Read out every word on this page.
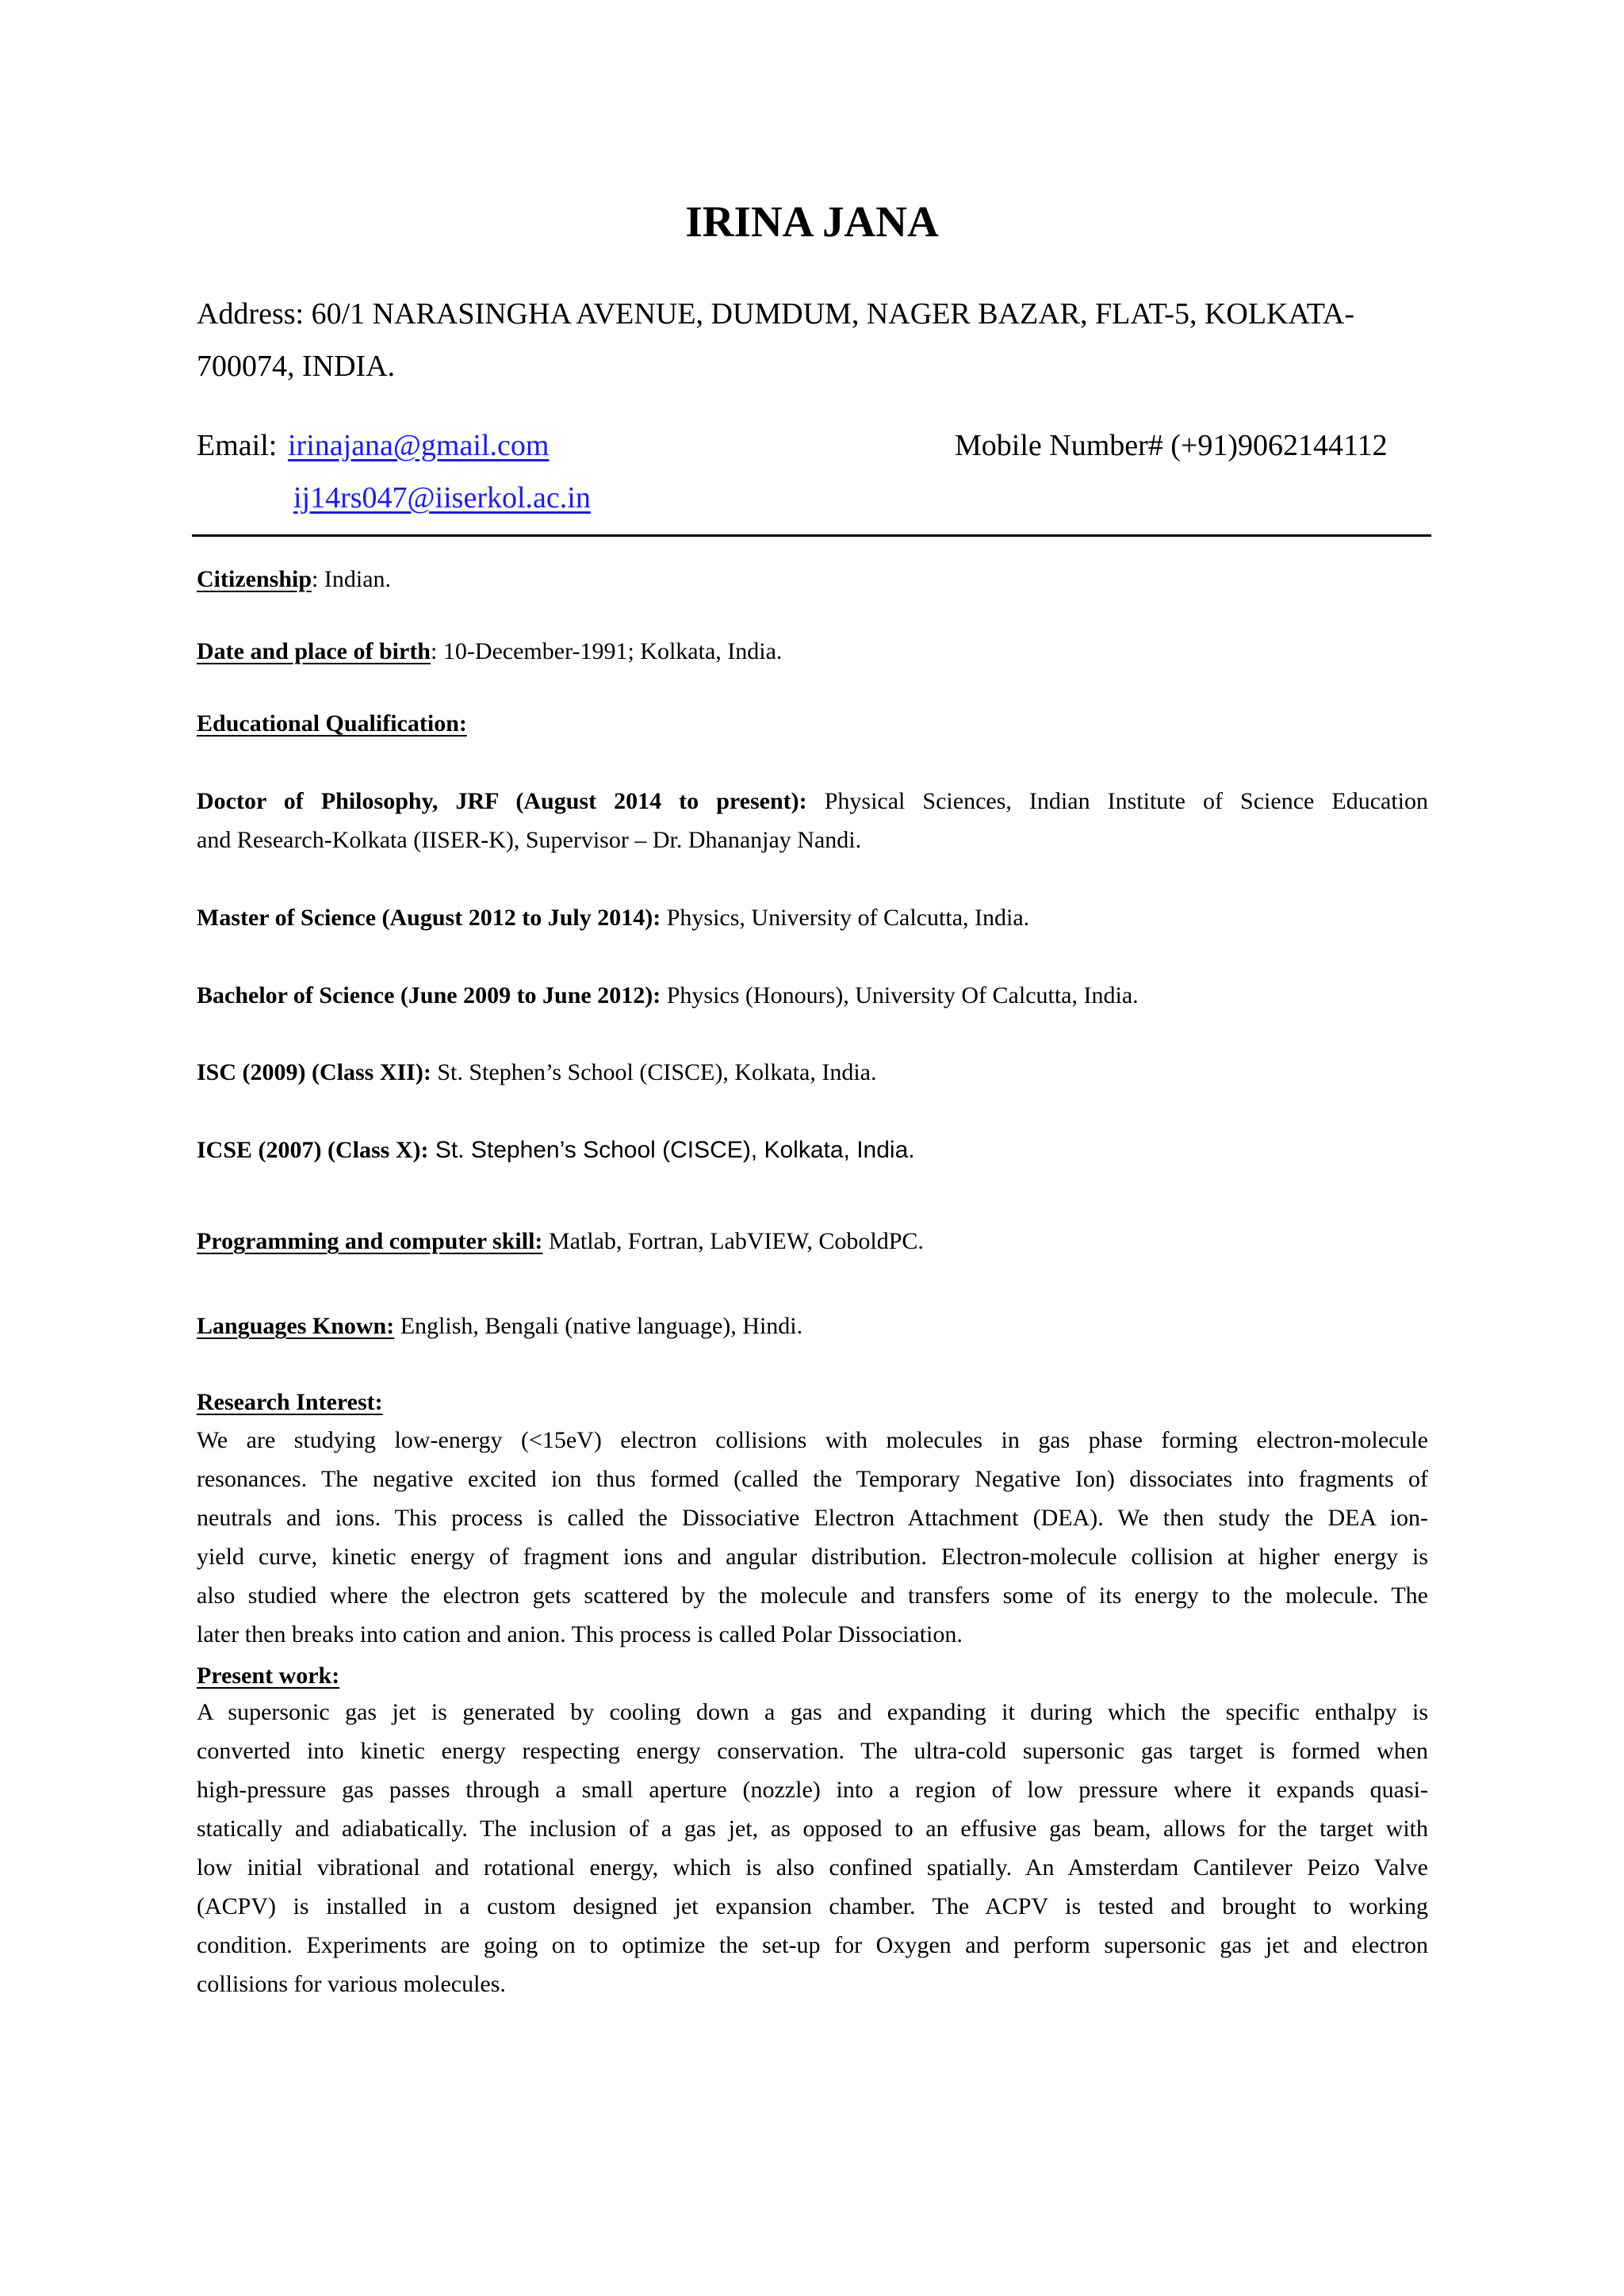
IRINA JANA
Address: 60/1 NARASINGHA AVENUE, DUMDUM, NAGER BAZAR, FLAT-5, KOLKATA-
700074, INDIA.
Email: irinajana@gmail.com	Mobile Number# (+91)9062144112
ij14rs047@iiserkol.ac.in
Citizenship: Indian.
Date and place of birth: 10-December-1991; Kolkata, India.
Educational Qualification:
Doctor of Philosophy, JRF (August 2014 to present): Physical Sciences, Indian Institute of Science Education
and Research-Kolkata (IISER-K), Supervisor – Dr. Dhananjay Nandi.
Master of Science (August 2012 to July 2014): Physics, University of Calcutta, India.
Bachelor of Science (June 2009 to June 2012): Physics (Honours), University Of Calcutta, India.
ISC (2009) (Class XII): St. Stephen’s School (CISCE), Kolkata, India.
ICSE (2007) (Class X): St. Stephen’s School (CISCE), Kolkata, India.
Programming and computer skill: Matlab, Fortran, LabVIEW, CoboldPC.
Languages Known: English, Bengali (native language), Hindi.
Research Interest:
We are studying low-energy (<15eV) electron collisions with molecules in gas phase forming electron-molecule
resonances. The negative excited ion thus formed (called the Temporary Negative Ion) dissociates into fragments of
neutrals and ions. This process is called the Dissociative Electron Attachment (DEA). We then study the DEA ion-
yield curve, kinetic energy of fragment ions and angular distribution. Electron-molecule collision at higher energy is
also studied where the electron gets scattered by the molecule and transfers some of its energy to the molecule. The
later then breaks into cation and anion. This process is called Polar Dissociation.
Present work:
A supersonic gas jet is generated by cooling down a gas and expanding it during which the specific enthalpy is
converted into kinetic energy respecting energy conservation. The ultra-cold supersonic gas target is formed when
high-pressure gas passes through a small aperture (nozzle) into a region of low pressure where it expands quasi-
statically and adiabatically. The inclusion of a gas jet, as opposed to an effusive gas beam, allows for the target with
low initial vibrational and rotational energy, which is also confined spatially. An Amsterdam Cantilever Peizo Valve
(ACPV) is installed in a custom designed jet expansion chamber. The ACPV is tested and brought to working
condition. Experiments are going on to optimize the set-up for Oxygen and perform supersonic gas jet and electron
collisions for various molecules.
